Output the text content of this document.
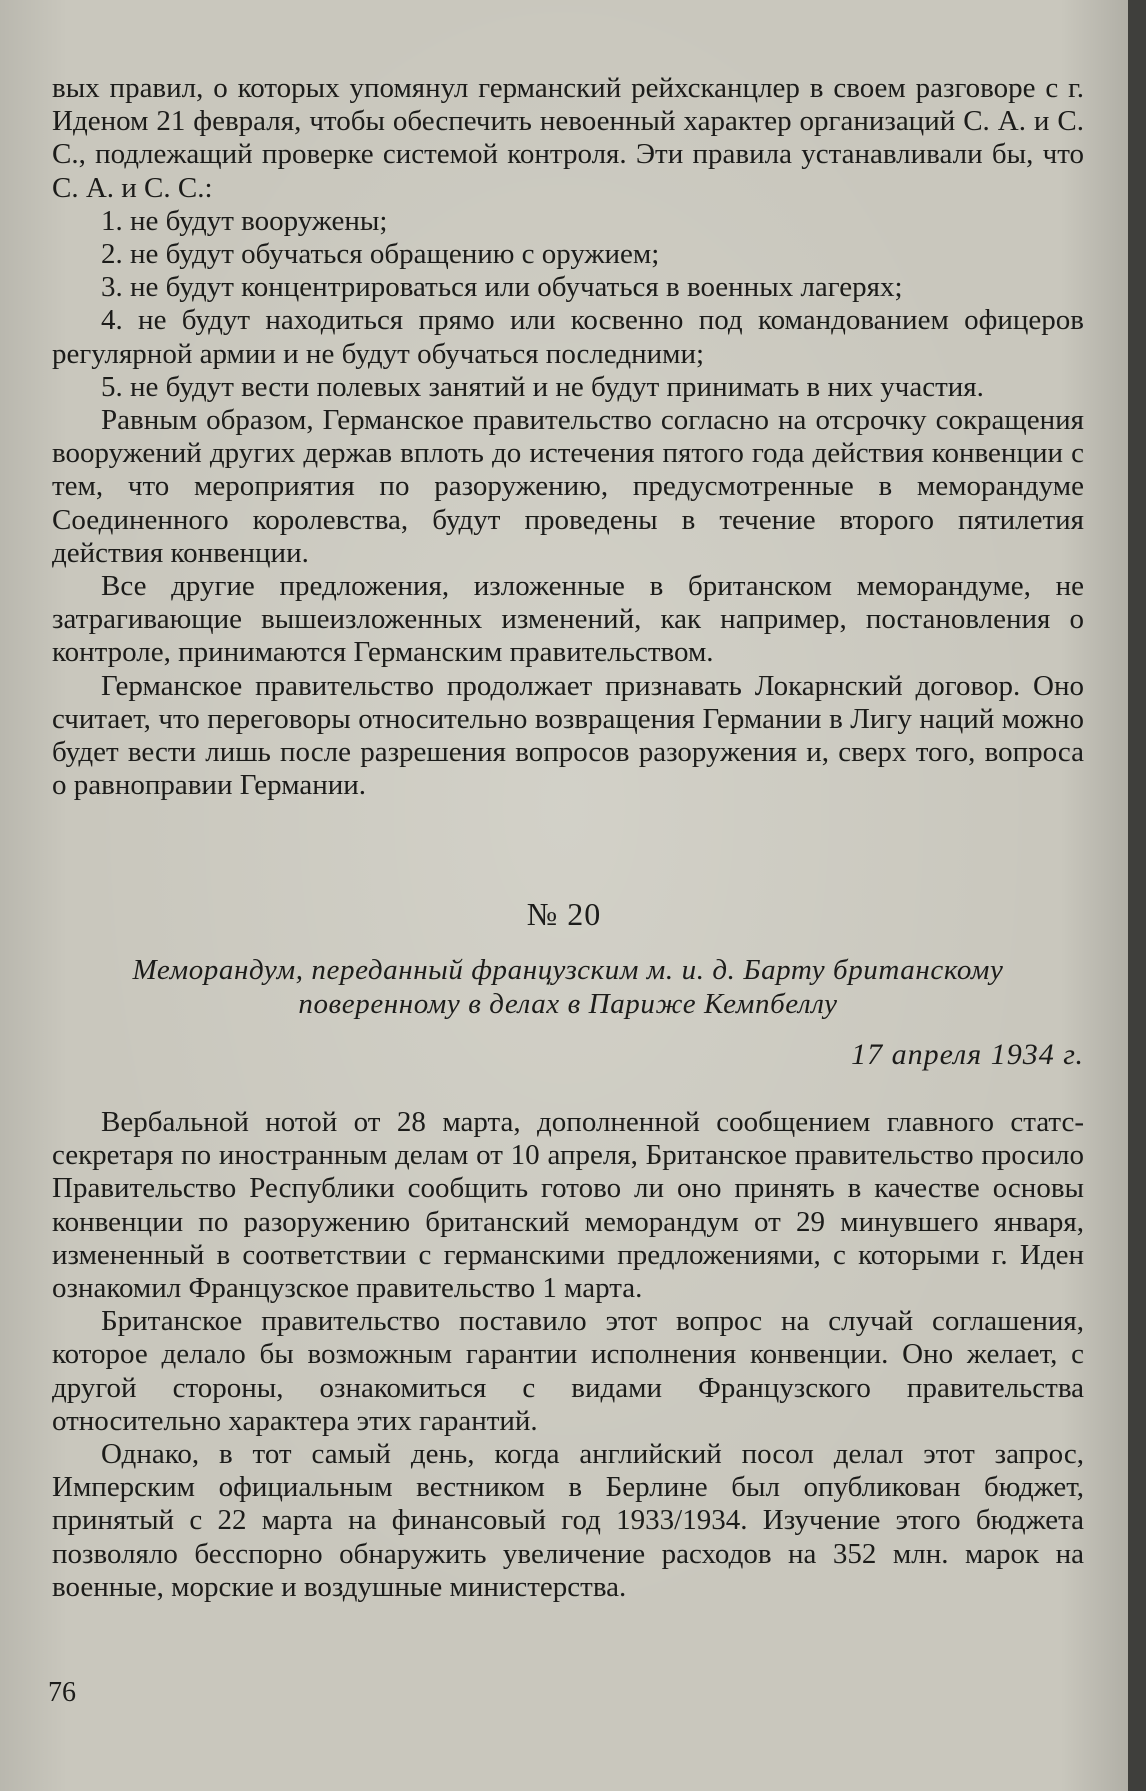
вых правил, о которых упомянул германский рейхсканцлер в своем разговоре с г. Иденом 21 февраля, чтобы обеспечить невоенный характер организаций С. А. и С. С., подлежащий проверке системой контроля. Эти правила устанавливали бы, что С. А. и С. С.:

1. не будут вооружены;
2. не будут обучаться обращению с оружием;
3. не будут концентрироваться или обучаться в военных лагерях;
4. не будут находиться прямо или косвенно под командованием офицеров регулярной армии и не будут обучаться последними;
5. не будут вести полевых занятий и не будут принимать в них участия.

Равным образом, Германское правительство согласно на отсрочку сокращения вооружений других держав вплоть до истечения пятого года действия конвенции с тем, что мероприятия по разоружению, предусмотренные в меморандуме Соединенного королевства, будут проведены в течение второго пятилетия действия конвенции.

Все другие предложения, изложенные в британском меморандуме, не затрагивающие вышеизложенных изменений, как например, постановления о контроле, принимаются Германским правительством.

Германское правительство продолжает признавать Локарнский договор. Оно считает, что переговоры относительно возвращения Германии в Лигу наций можно будет вести лишь после разрешения вопросов разоружения и, сверх того, вопроса о равноправии Германии.

№ 20
Меморандум, переданный французским м. и. д. Барту британскому поверенному в делах в Париже Кемпбеллу
17 апреля 1934 г.

Вербальной нотой от 28 марта, дополненной сообщением главного статс-секретаря по иностранным делам от 10 апреля, Британское правительство просило Правительство Республики сообщить готово ли оно принять в качестве основы конвенции по разоружению британский меморандум от 29 минувшего января, измененный в соответствии с германскими предложениями, с которыми г. Иден ознакомил Французское правительство 1 марта.

Британское правительство поставило этот вопрос на случай соглашения, которое делало бы возможным гарантии исполнения конвенции. Оно желает, с другой стороны, ознакомиться с видами Французского правительства относительно характера этих гарантий.

Однако, в тот самый день, когда английский посол делал этот запрос, Имперским официальным вестником в Берлине был опубликован бюджет, принятый с 22 марта на финансовый год 1933/1934. Изучение этого бюджета позволяло бесспорно обнаружить увеличение расходов на 352 млн. марок на военные, морские и воздушные министерства.

76
